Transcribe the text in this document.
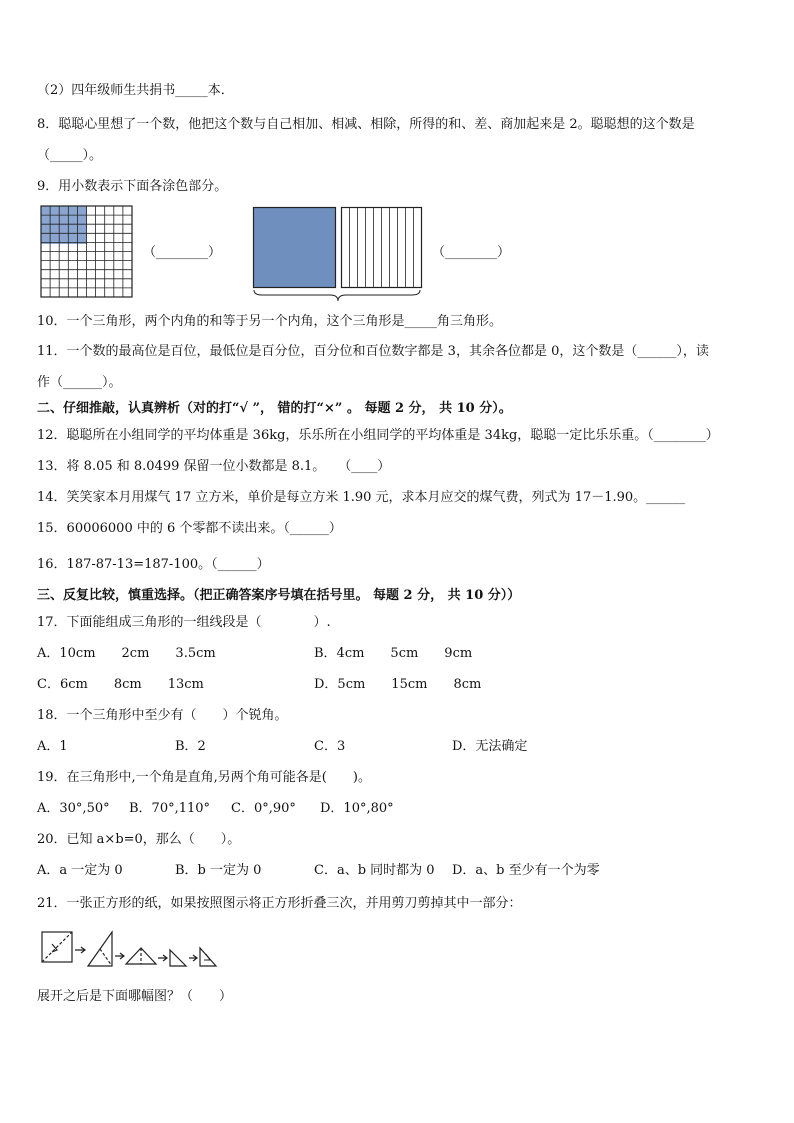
（2）四年级师生共捐书_____本．
8．聪聪心里想了一个数，他把这个数与自己相加、相减、相除，所得的和、差、商加起来是 2。聪聪想的这个数是
（_____）。
9．用小数表示下面各涂色部分。
（________）	（________）
10．一个三角形，两个内角的和等于另一个内角，这个三角形是_____角三角形。
11．一个数的最高位是百位，最低位是百分位，百分位和百位数字都是 3，其余各位都是 0，这个数是（______），读
作（______）。
二、仔细推敲，认真辨析（对的打“√ ”， 错的打“×” 。 每题 2 分， 共 10 分）。
12．聪聪所在小组同学的平均体重是 36kg，乐乐所在小组同学的平均体重是 34kg，聪聪一定比乐乐重。（________）
13．将 8.05 和 8.0499 保留一位小数都是 8.1。　　（____）
14．笑笑家本月用煤气 17 立方米，单价是每立方米 1.90 元，求本月应交的煤气费，列式为 17－1.90。______
15．60006000 中的 6 个零都不读出来。（______）
16．187-87-13=187-100。（______）
三、反复比较，慎重选择。（把正确答案序号填在括号里。 每题 2 分， 共 10 分））
17．下面能组成三角形的一组线段是（　　　　）.
A．10cm　　2cm　　3.5cm	B．4cm　　5cm　　9cm
C．6cm　　8cm　　13cm	D．5cm　　15cm　　8cm
18．一个三角形中至少有（　　）个锐角。
A．1	B．2	C．3	D．无法确定
19．在三角形中,一个角是直角,另两个角可能各是(　　)。
A．30°,50° B．70°,110° C．0°,90° D．10°,80°
20．已知 a×b=0，那么（　　）。
A．a 一定为 0	B．b 一定为 0	C．a、b 同时都为 0 D．a、b 至少有一个为零
21．一张正方形的纸，如果按照图示将正方形折叠三次，并用剪刀剪掉其中一部分：
展开之后是下面哪幅图？（　　）
